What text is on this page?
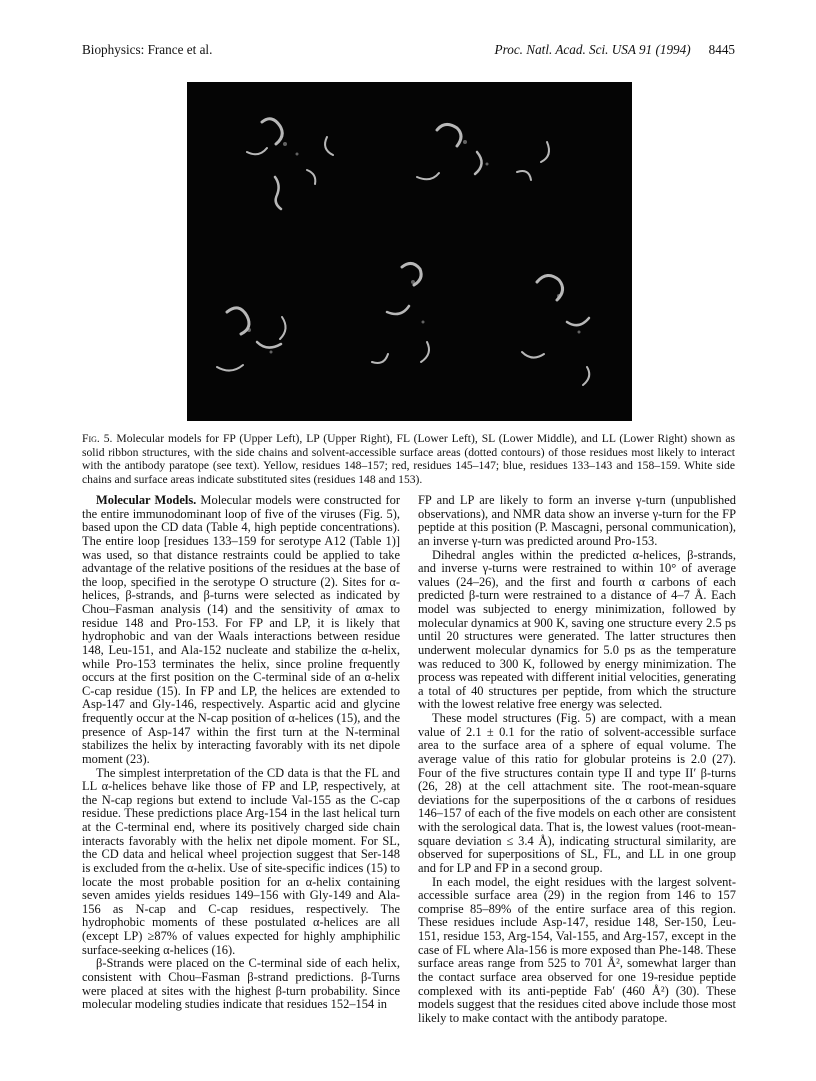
Biophysics: France et al.	Proc. Natl. Acad. Sci. USA 91 (1994) 8445
Fig. 5. Molecular models for FP (Upper Left), LP (Upper Right), FL (Lower Left), SL (Lower Middle), and LL (Lower Right) shown as solid ribbon structures, with the side chains and solvent-accessible surface areas (dotted contours) of those residues most likely to interact with the antibody paratope (see text). Yellow, residues 148–157; red, residues 145–147; blue, residues 133–143 and 158–159. White side chains and surface areas indicate substituted sites (residues 148 and 153).

Molecular Models. Molecular models were constructed for the entire immunodominant loop of five of the viruses (Fig. 5), based upon the CD data (Table 4, high peptide concentrations). The entire loop [residues 133–159 for serotype A12 (Table 1)] was used, so that distance restraints could be applied to take advantage of the relative positions of the residues at the base of the loop, specified in the serotype O structure (2). Sites for α-helices, β-strands, and β-turns were selected as indicated by Chou–Fasman analysis (14) and the sensitivity of αmax to residue 148 and Pro-153. For FP and LP, it is likely that hydrophobic and van der Waals interactions between residue 148, Leu-151, and Ala-152 nucleate and stabilize the α-helix, while Pro-153 terminates the helix, since proline frequently occurs at the first position on the C-terminal side of an α-helix C-cap residue (15). In FP and LP, the helices are extended to Asp-147 and Gly-146, respectively. Aspartic acid and glycine frequently occur at the N-cap position of α-helices (15), and the presence of Asp-147 within the first turn at the N-terminal stabilizes the helix by interacting favorably with its net dipole moment (23).

The simplest interpretation of the CD data is that the FL and LL α-helices behave like those of FP and LP, respectively, at the N-cap regions but extend to include Val-155 as the C-cap residue. These predictions place Arg-154 in the last helical turn at the C-terminal end, where its positively charged side chain interacts favorably with the helix net dipole moment. For SL, the CD data and helical wheel projection suggest that Ser-148 is excluded from the α-helix. Use of site-specific indices (15) to locate the most probable position for an α-helix containing seven amides yields residues 149–156 with Gly-149 and Ala-156 as N-cap and C-cap residues, respectively. The hydrophobic moments of these postulated α-helices are all (except LP) ≥87% of values expected for highly amphiphilic surface-seeking α-helices (16).

β-Strands were placed on the C-terminal side of each helix, consistent with Chou–Fasman β-strand predictions. β-Turns were placed at sites with the highest β-turn probability. Since molecular modeling studies indicate that residues 152–154 in

FP and LP are likely to form an inverse γ-turn (unpublished observations), and NMR data show an inverse γ-turn for the FP peptide at this position (P. Mascagni, personal communication), an inverse γ-turn was predicted around Pro-153.

Dihedral angles within the predicted α-helices, β-strands, and inverse γ-turns were restrained to within 10° of average values (24–26), and the first and fourth α carbons of each predicted β-turn were restrained to a distance of 4–7 Å. Each model was subjected to energy minimization, followed by molecular dynamics at 900 K, saving one structure every 2.5 ps until 20 structures were generated. The latter structures then underwent molecular dynamics for 5.0 ps as the temperature was reduced to 300 K, followed by energy minimization. The process was repeated with different initial velocities, generating a total of 40 structures per peptide, from which the structure with the lowest relative free energy was selected.

These model structures (Fig. 5) are compact, with a mean value of 2.1 ± 0.1 for the ratio of solvent-accessible surface area to the surface area of a sphere of equal volume. The average value of this ratio for globular proteins is 2.0 (27). Four of the five structures contain type II and type II′ β-turns (26, 28) at the cell attachment site. The root-mean-square deviations for the superpositions of the α carbons of residues 146–157 of each of the five models on each other are consistent with the serological data. That is, the lowest values (root-mean-square deviation ≤ 3.4 Å), indicating structural similarity, are observed for superpositions of SL, FL, and LL in one group and for LP and FP in a second group.

In each model, the eight residues with the largest solvent-accessible surface area (29) in the region from 146 to 157 comprise 85–89% of the entire surface area of this region. These residues include Asp-147, residue 148, Ser-150, Leu-151, residue 153, Arg-154, Val-155, and Arg-157, except in the case of FL where Ala-156 is more exposed than Phe-148. These surface areas range from 525 to 701 Å², somewhat larger than the contact surface area observed for one 19-residue peptide complexed with its anti-peptide Fab′ (460 Å²) (30). These models suggest that the residues cited above include those most likely to make contact with the antibody paratope.
